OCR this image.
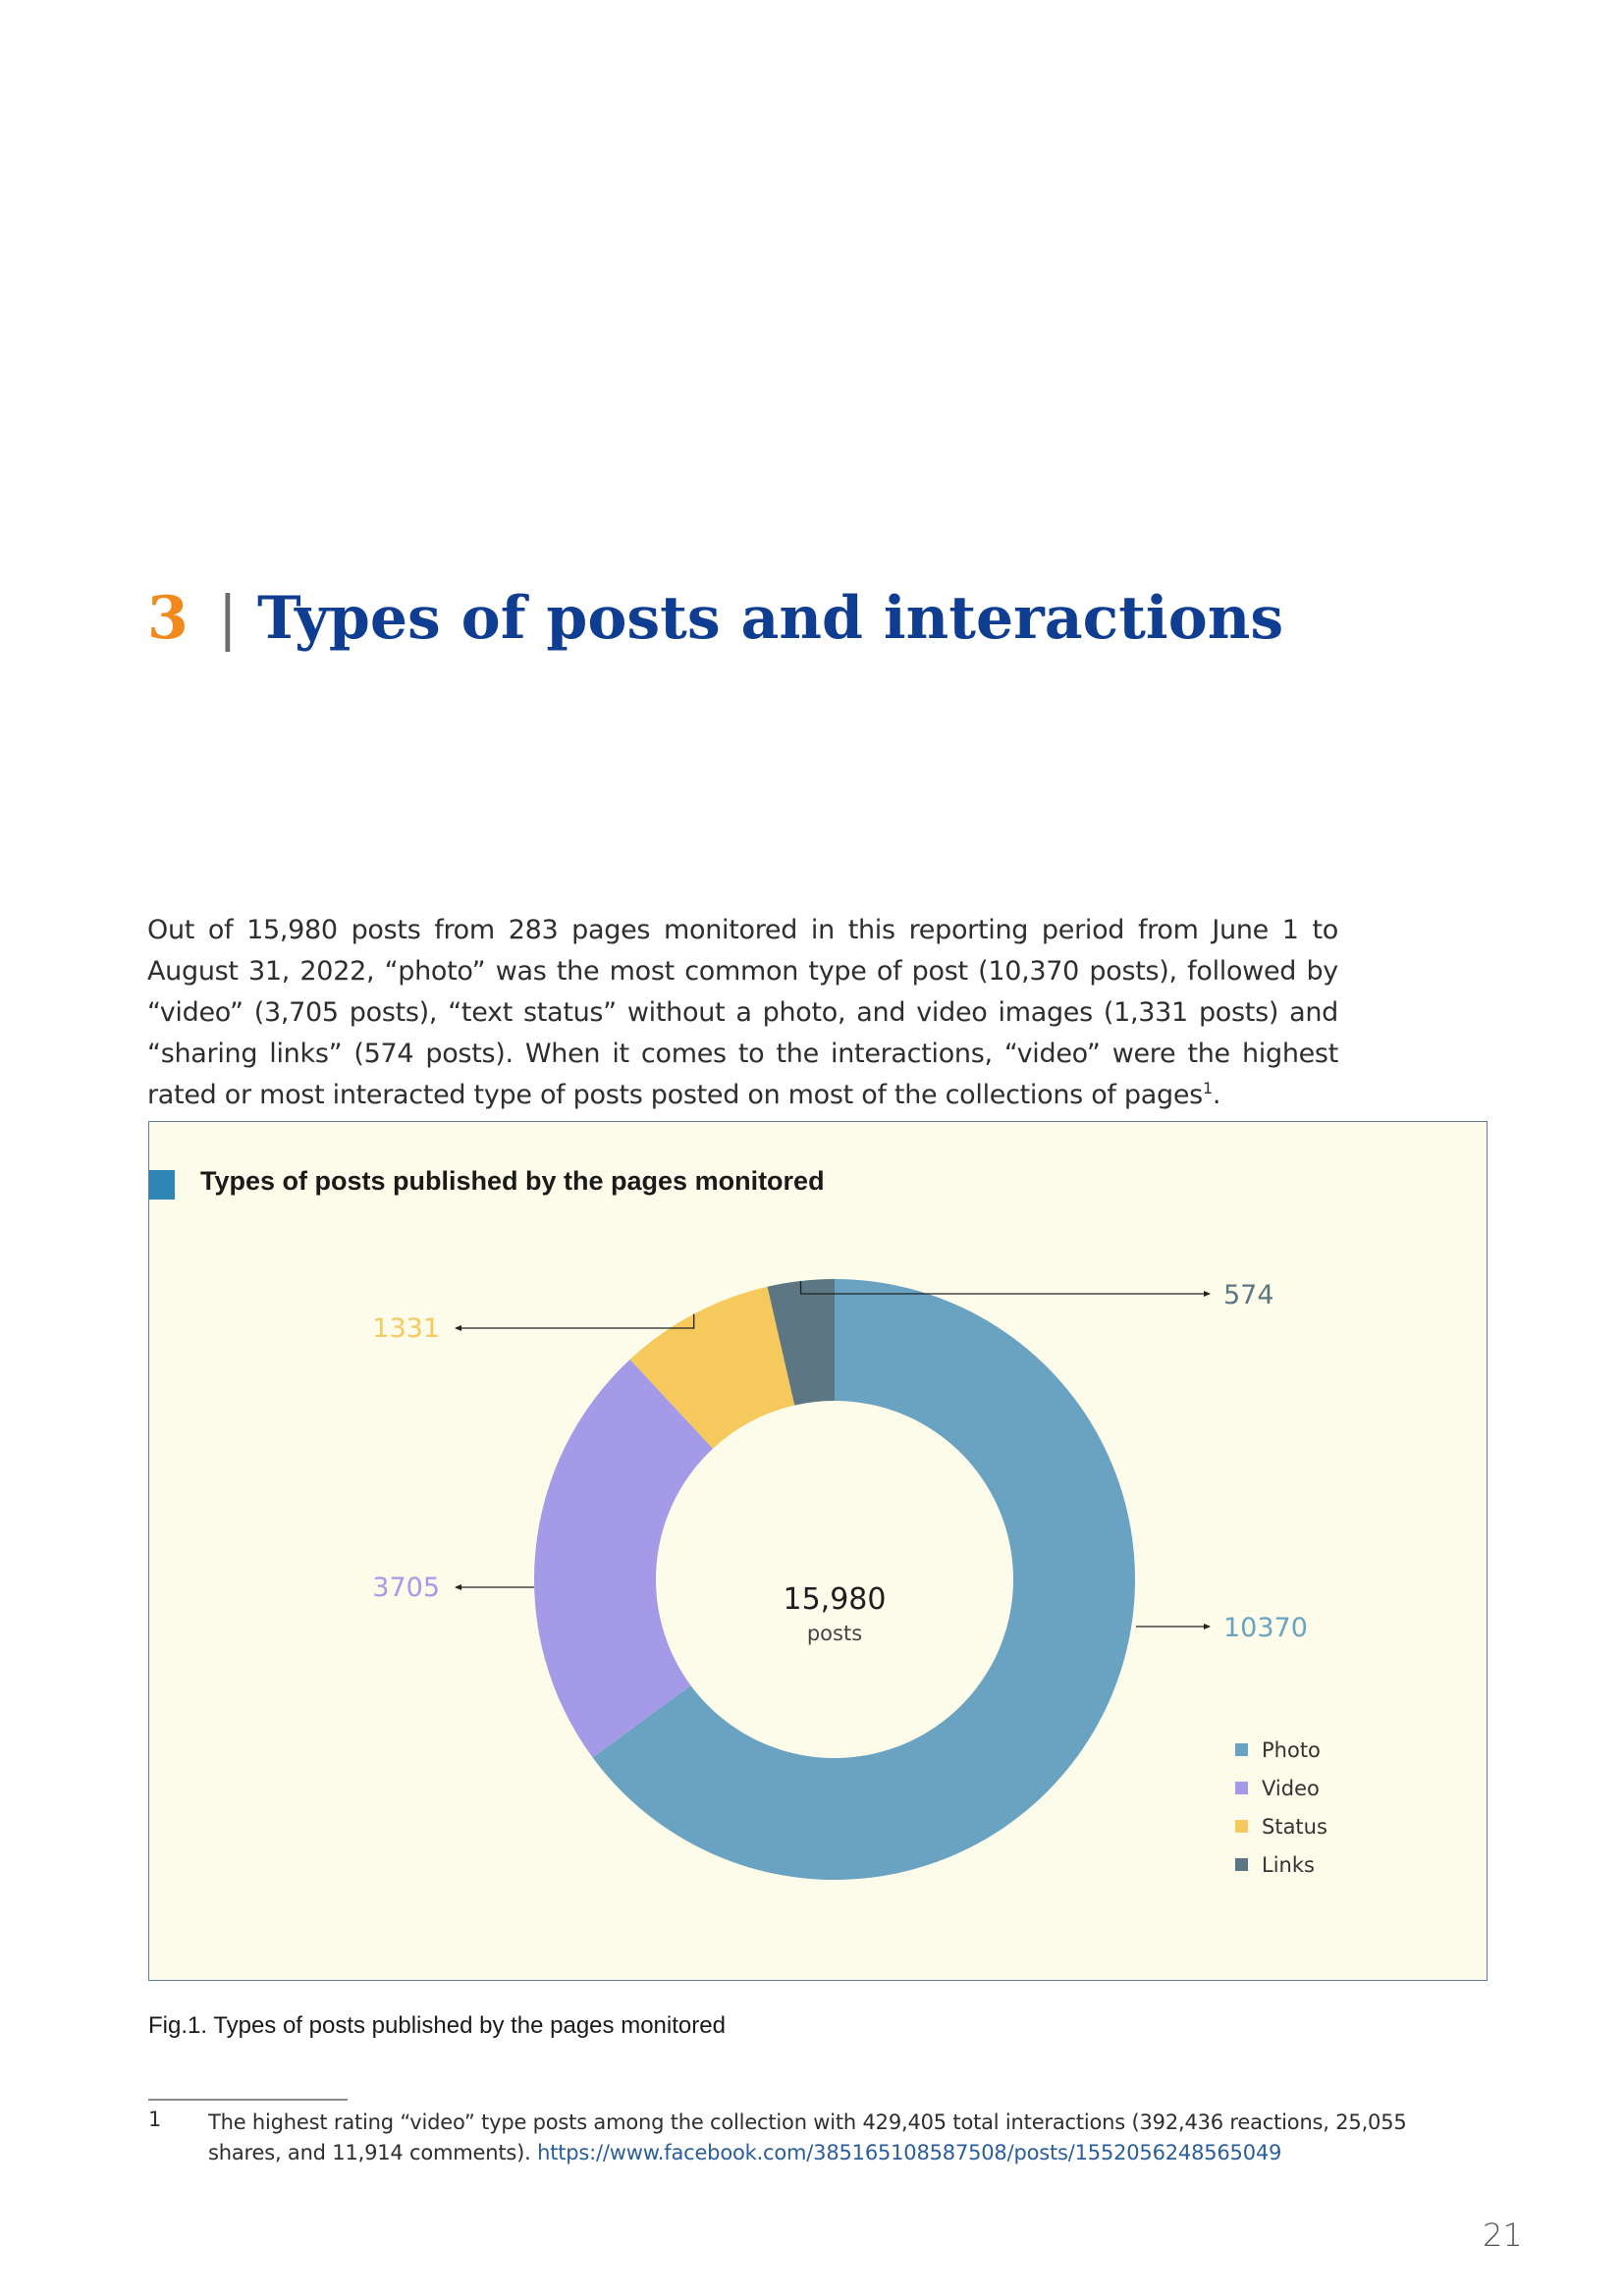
3 | Types of posts and interactions

Out of 15,980 posts from 283 pages monitored in this reporting period from June 1 to August 31, 2022, “photo” was the most common type of post (10,370 posts), followed by “video” (3,705 posts), “text status” without a photo, and video images (1,331 posts) and “sharing links” (574 posts). When it comes to the interactions, “video” were the highest rated or most interacted type of posts posted on most of the collections of pages$^1$.

Types of posts published by the pages monitored
10370
3705
1331
574
15,980
posts
Photo
Video
Status
Links
Fig.1. Types of posts published by the pages monitored
1 The highest rating “video” type posts among the collection with 429,405 total interactions (392,436 reactions, 25,055 shares, and 11,914 comments). https://www.facebook.com/385165108587508/posts/1552056248565049
21
